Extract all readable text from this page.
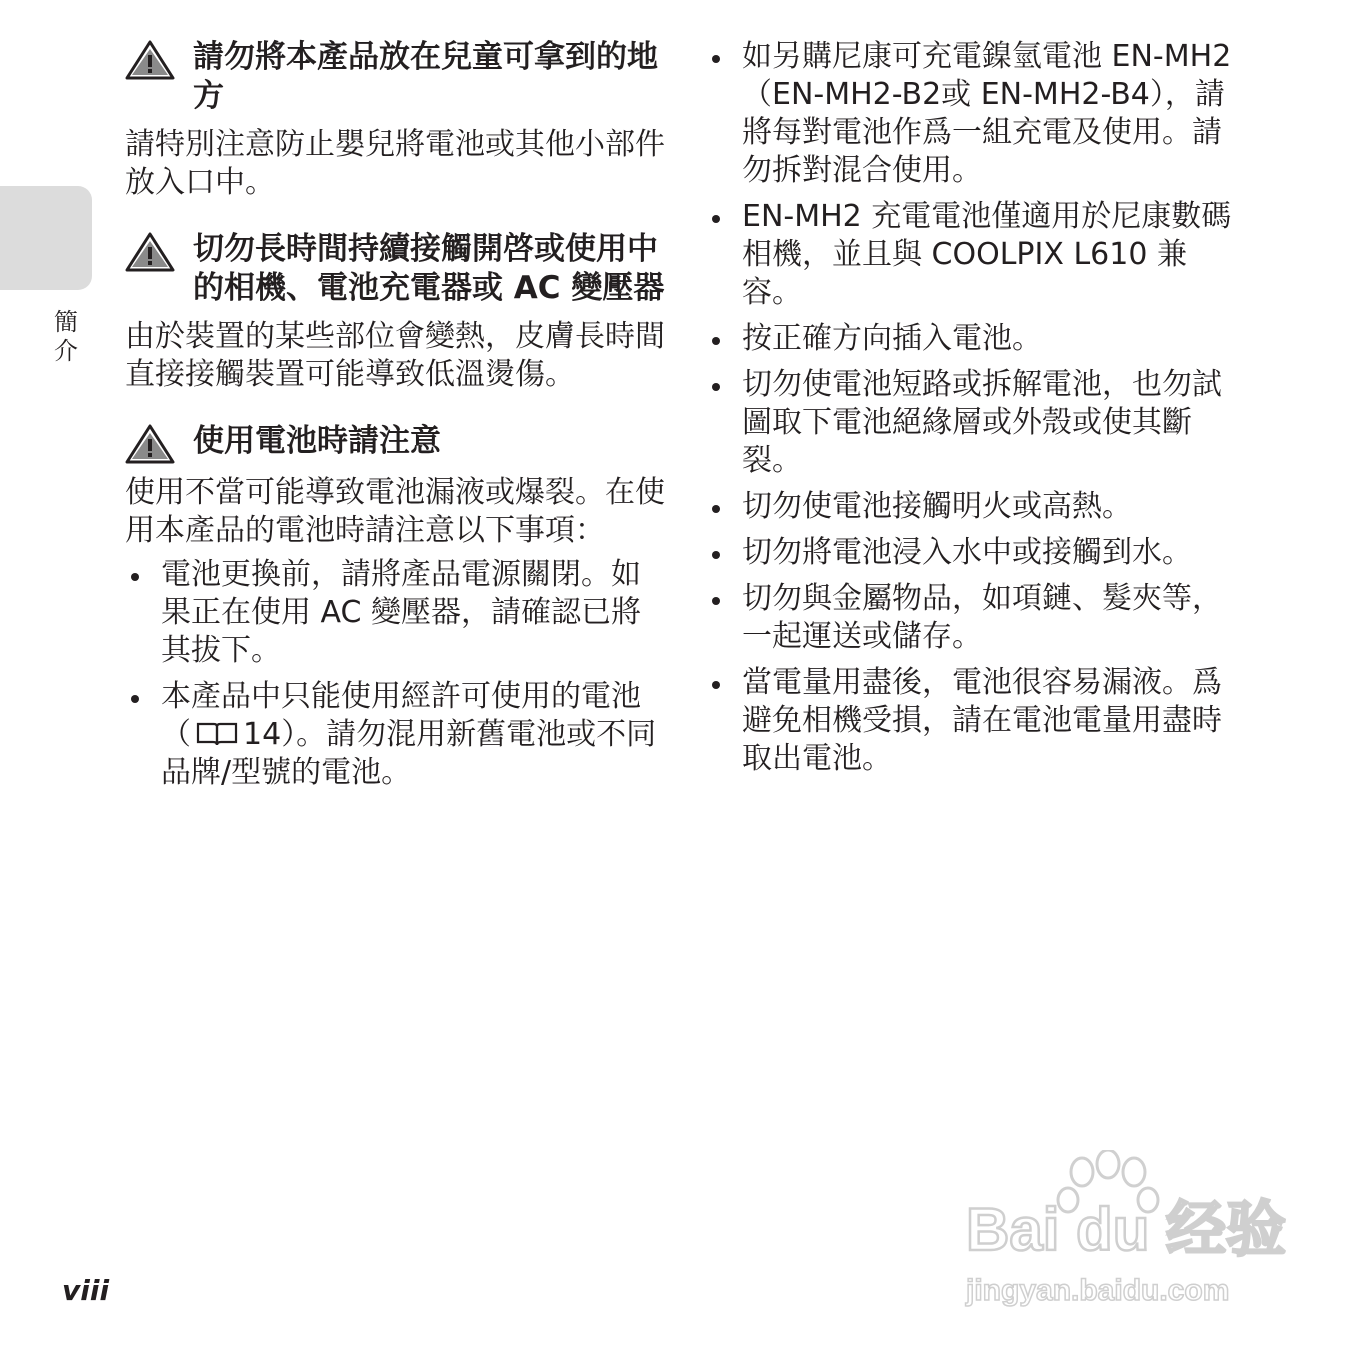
簡
介
請勿將本產品放在兒童可拿到的地方

請特別注意防止嬰兒將電池或其他小部件放入口中。

切勿長時間持續接觸開啓或使用中的相機、電池充電器或 AC 變壓器

由於裝置的某些部位會變熱，皮膚長時間直接接觸裝置可能導致低溫燙傷。

使用電池時請注意

使用不當可能導致電池漏液或爆裂。在使用本產品的電池時請注意以下事項：

電池更換前，請將產品電源關閉。如果正在使用 AC 變壓器，請確認已將其拔下。
本產品中只能使用經許可使用的電池 （ 14）。請勿混用新舊電池或不同品牌/型號的電池。
如另購尼康可充電鎳氫電池 EN-MH2 （EN-MH2-B2或 EN-MH2-B4），請將每對電池作爲一組充電及使用。請勿拆對混合使用。
EN-MH2 充電電池僅適用於尼康數碼相機，並且與 COOLPIX L610 兼容。
按正確方向插入電池。
切勿使電池短路或拆解電池，也勿試圖取下電池絕緣層或外殼或使其斷裂。
切勿使電池接觸明火或高熱。
切勿將電池浸入水中或接觸到水。
切勿與金屬物品，如項鏈、髮夾等，一起運送或儲存。
當電量用盡後，電池很容易漏液。爲避免相機受損，請在電池電量用盡時取出電池。
viii
Bai du 经验
jingyan.baidu.com
